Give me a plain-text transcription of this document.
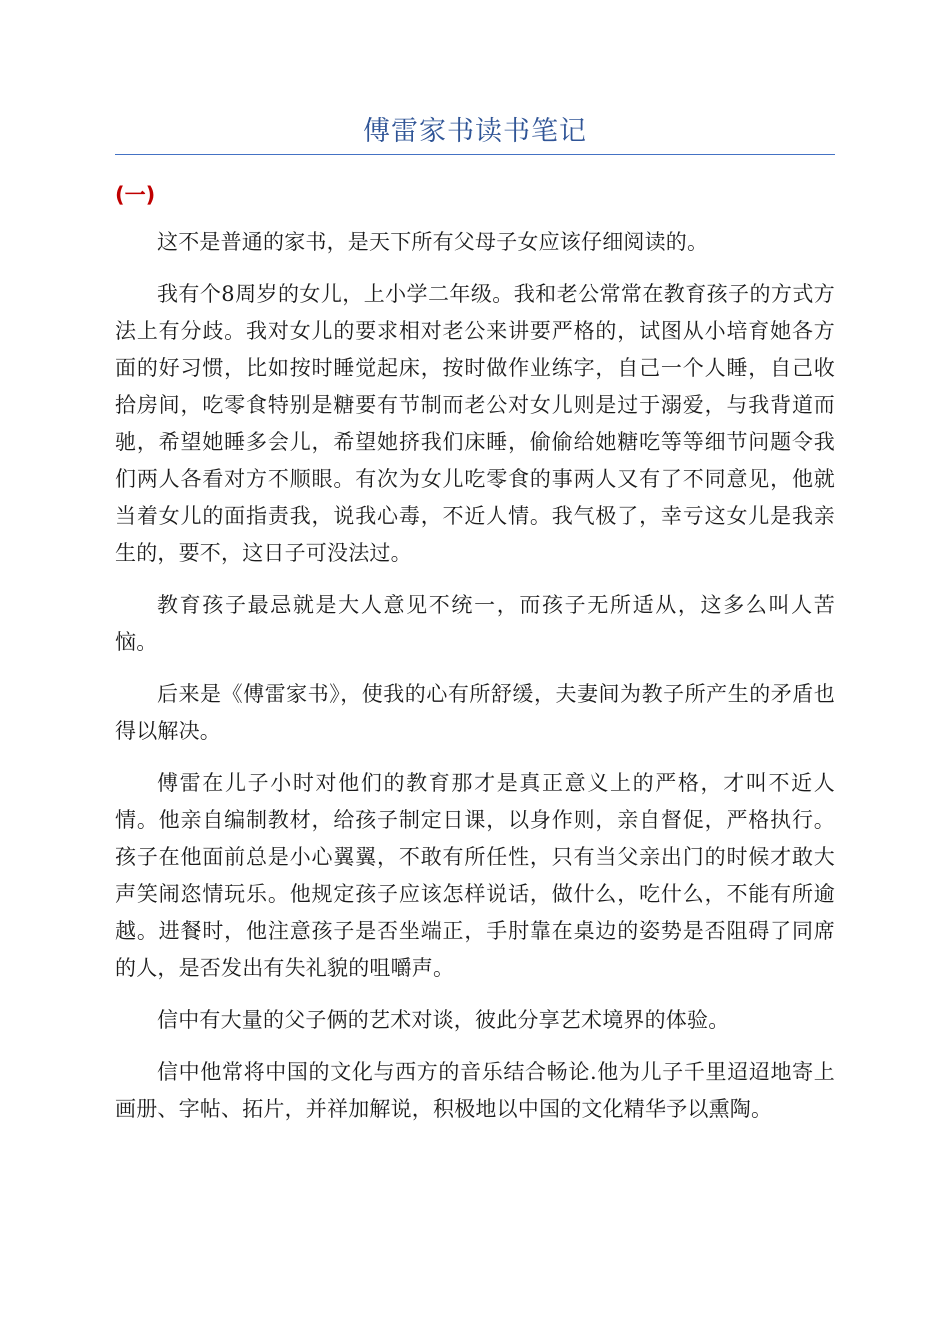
傅雷家书读书笔记
(一)

这不是普通的家书，是天下所有父母子女应该仔细阅读的。

我有个8周岁的女儿，上小学二年级。我和老公常常在教育孩子的方式方法上有分歧。我对女儿的要求相对老公来讲要严格的，试图从小培育她各方面的好习惯，比如按时睡觉起床，按时做作业练字，自己一个人睡，自己收拾房间，吃零食特别是糖要有节制而老公对女儿则是过于溺爱，与我背道而驰，希望她睡多会儿，希望她挤我们床睡，偷偷给她糖吃等等细节问题令我们两人各看对方不顺眼。有次为女儿吃零食的事两人又有了不同意见，他就当着女儿的面指责我，说我心毒，不近人情。我气极了，幸亏这女儿是我亲生的，要不，这日子可没法过。

教育孩子最忌就是大人意见不统一，而孩子无所适从，这多么叫人苦恼。

后来是《傅雷家书》，使我的心有所舒缓，夫妻间为教子所产生的矛盾也得以解决。

傅雷在儿子小时对他们的教育那才是真正意义上的严格，才叫不近人情。他亲自编制教材，给孩子制定日课，以身作则，亲自督促，严格执行。孩子在他面前总是小心翼翼，不敢有所任性，只有当父亲出门的时候才敢大声笑闹恣情玩乐。他规定孩子应该怎样说话，做什么，吃什么，不能有所逾越。进餐时，他注意孩子是否坐端正，手肘靠在桌边的姿势是否阻碍了同席的人，是否发出有失礼貌的咀嚼声。

信中有大量的父子俩的艺术对谈，彼此分享艺术境界的体验。

信中他常将中国的文化与西方的音乐结合畅论.他为儿子千里迢迢地寄上画册、字帖、拓片，并祥加解说，积极地以中国的文化精华予以熏陶。
